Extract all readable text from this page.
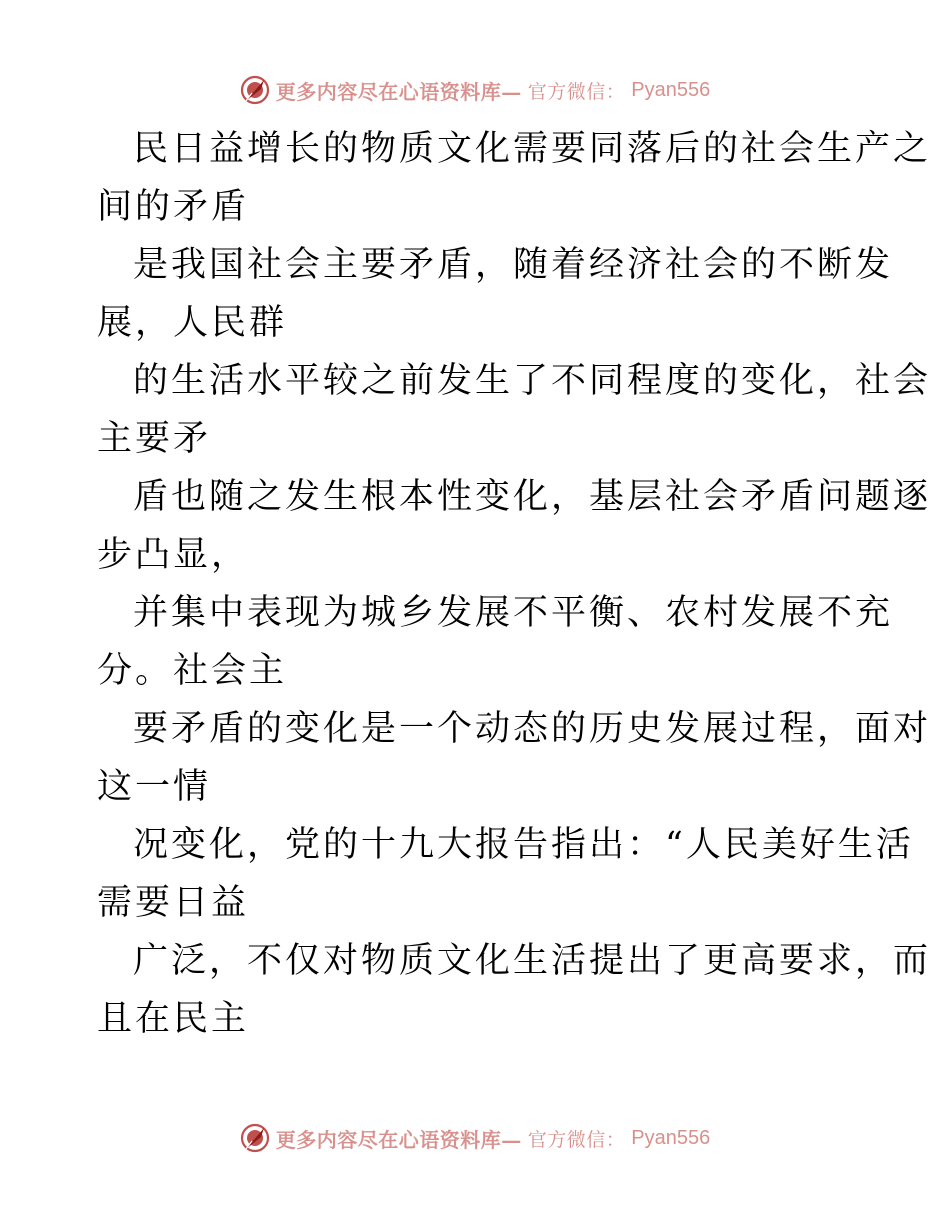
更多内容尽在心语资料库— 官方微信： Pyan556

民日益增长的物质文化需要同落后的社会生产之
间的矛盾

是我国社会主要矛盾，随着经济社会的不断发
展，人民群

的生活水平较之前发生了不同程度的变化，社会
主要矛

盾也随之发生根本性变化，基层社会矛盾问题逐
步凸显，

并集中表现为城乡发展不平衡、农村发展不充
分。社会主

要矛盾的变化是一个动态的历史发展过程，面对
这一情

况变化，党的十九大报告指出：“人民美好生活
需要日益

广泛，不仅对物质文化生活提出了更高要求，而
且在民主

更多内容尽在心语资料库— 官方微信： Pyan556
